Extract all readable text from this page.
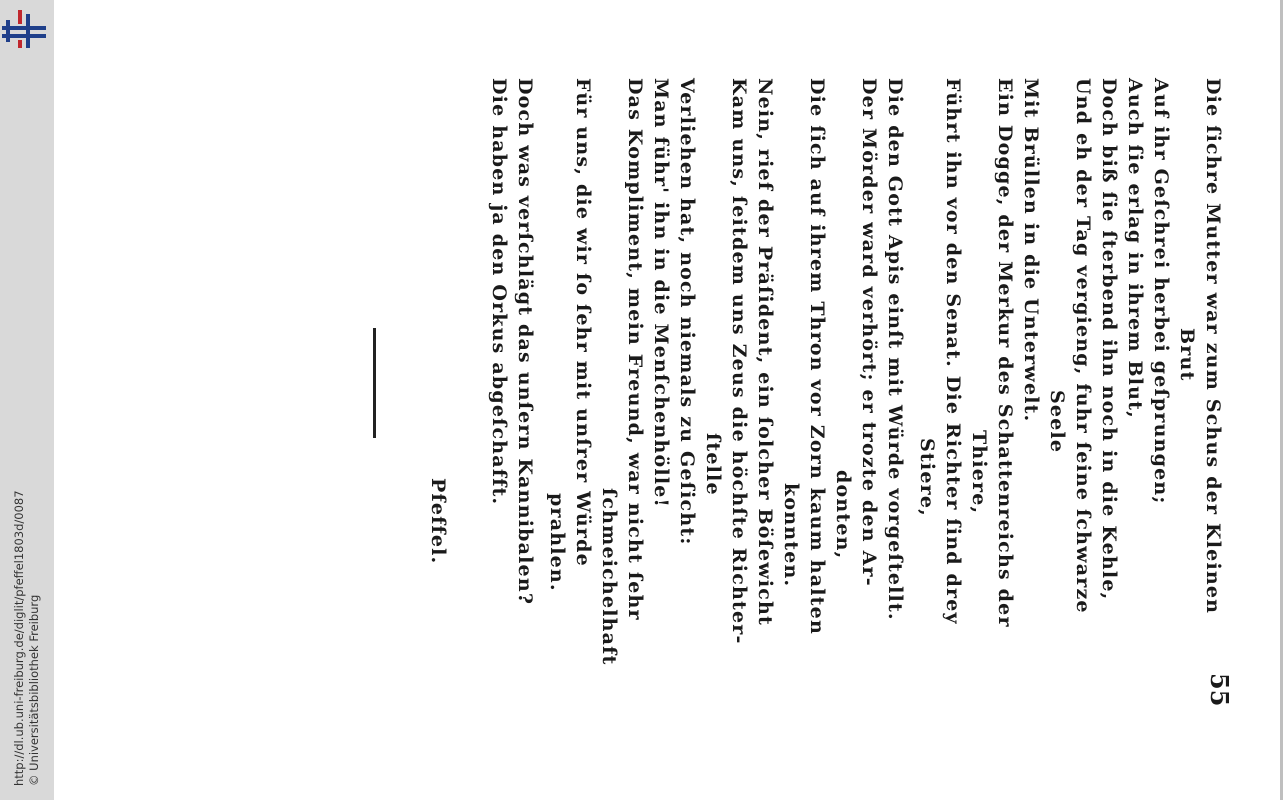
http://dl.ub.uni-freiburg.de/diglit/pfeffel1803d/0087 © Universitätsbibliothek Freiburg	55
Die ſichre Mutter war zum Schus der Kleinen
Brut
Auf ihr Geſchrei herbei geſprungen;
Auch ſie erlag in ihrem Blut,
Doch biß ſie ſterbend ihn noch in die Kehle,
Und eh der Tag vergieng, fuhr ſeine ſchwarze
Seele
Mit Brüllen in die Unterwelt.
Ein Dogge, der Merkur des Schattenreichs der
Thiere,
Führt ihn vor den Senat. Die Richter ſind drey
Stiere,
Die den Gott Apis einſt mit Würde vorgeſtellt.
Der Mörder ward verhört; er trozte den Ar-
donten,
Die ſich auf ihrem Thron vor Zorn kaum halten
konnten.
Nein, rief der Präſident, ein ſolcher Böſewicht
Kam uns, ſeitdem uns Zeus die höchſte Richter-
ſtelle
Verliehen hat, noch niemals zu Geſicht:
Man führ' ihn in die Menſchenhölle!
Das Kompliment, mein Freund, war nicht ſehr
ſchmeichelhaft
Für uns, die wir ſo ſehr mit unſrer Würde
prahlen.
Doch was verſchlägt das unſern Kannibalen?
Die haben ja den Orkus abgeſchafft.
Pfeffel.
